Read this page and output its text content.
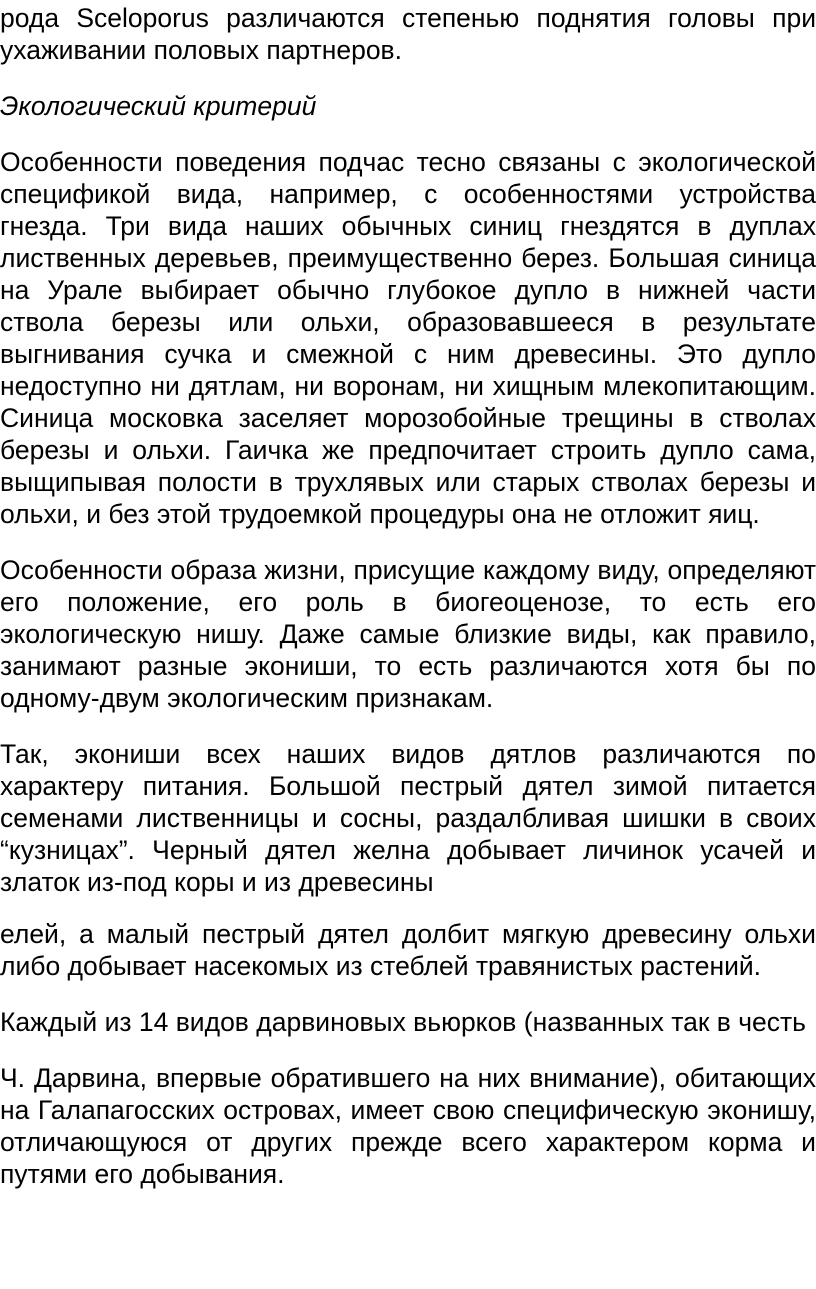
рода Sceloporus различаются степенью поднятия головы при ухаживании половых партнеров.

Экологический критерий

Особенности поведения подчас тесно связаны с экологической спецификой вида, например, с особенностями устройства гнезда. Три вида наших обычных синиц гнездятся в дуплах лиственных деревьев, преимущественно берез. Большая синица на Урале выбирает обычно глубокое дупло в нижней части ствола березы или ольхи, образовавшееся в результате выгнивания сучка и смежной с ним древесины. Это дупло недоступно ни дятлам, ни воронам, ни хищным млекопитающим. Синица московка заселяет морозобойные трещины в стволах березы и ольхи. Гаичка же предпочитает строить дупло сама, выщипывая полости в трухлявых или старых стволах березы и ольхи, и без этой трудоемкой процедуры она не отложит яиц.

Особенности образа жизни, присущие каждому виду, определяют его положение, его роль в биогеоценозе, то есть его экологическую нишу. Даже самые близкие виды, как правило, занимают разные экониши, то есть различаются хотя бы по одному-двум экологическим признакам.

Так, экониши всех наших видов дятлов различаются по характеру питания. Большой пестрый дятел зимой питается семенами лиственницы и сосны, раздалбливая шишки в своих “кузницах”. Черный дятел желна добывает личинок усачей и златок из-под коры и из древесины

елей, а малый пестрый дятел долбит мягкую древесину ольхи либо добывает насекомых из стеблей травянистых растений.

Каждый из 14 видов дарвиновых вьюрков (названных так в честь

Ч. Дарвина, впервые обратившего на них внимание), обитающих на Галапагосских островах, имеет свою специфическую эконишу, отличающуюся от других прежде всего характером корма и путями его добывания.
